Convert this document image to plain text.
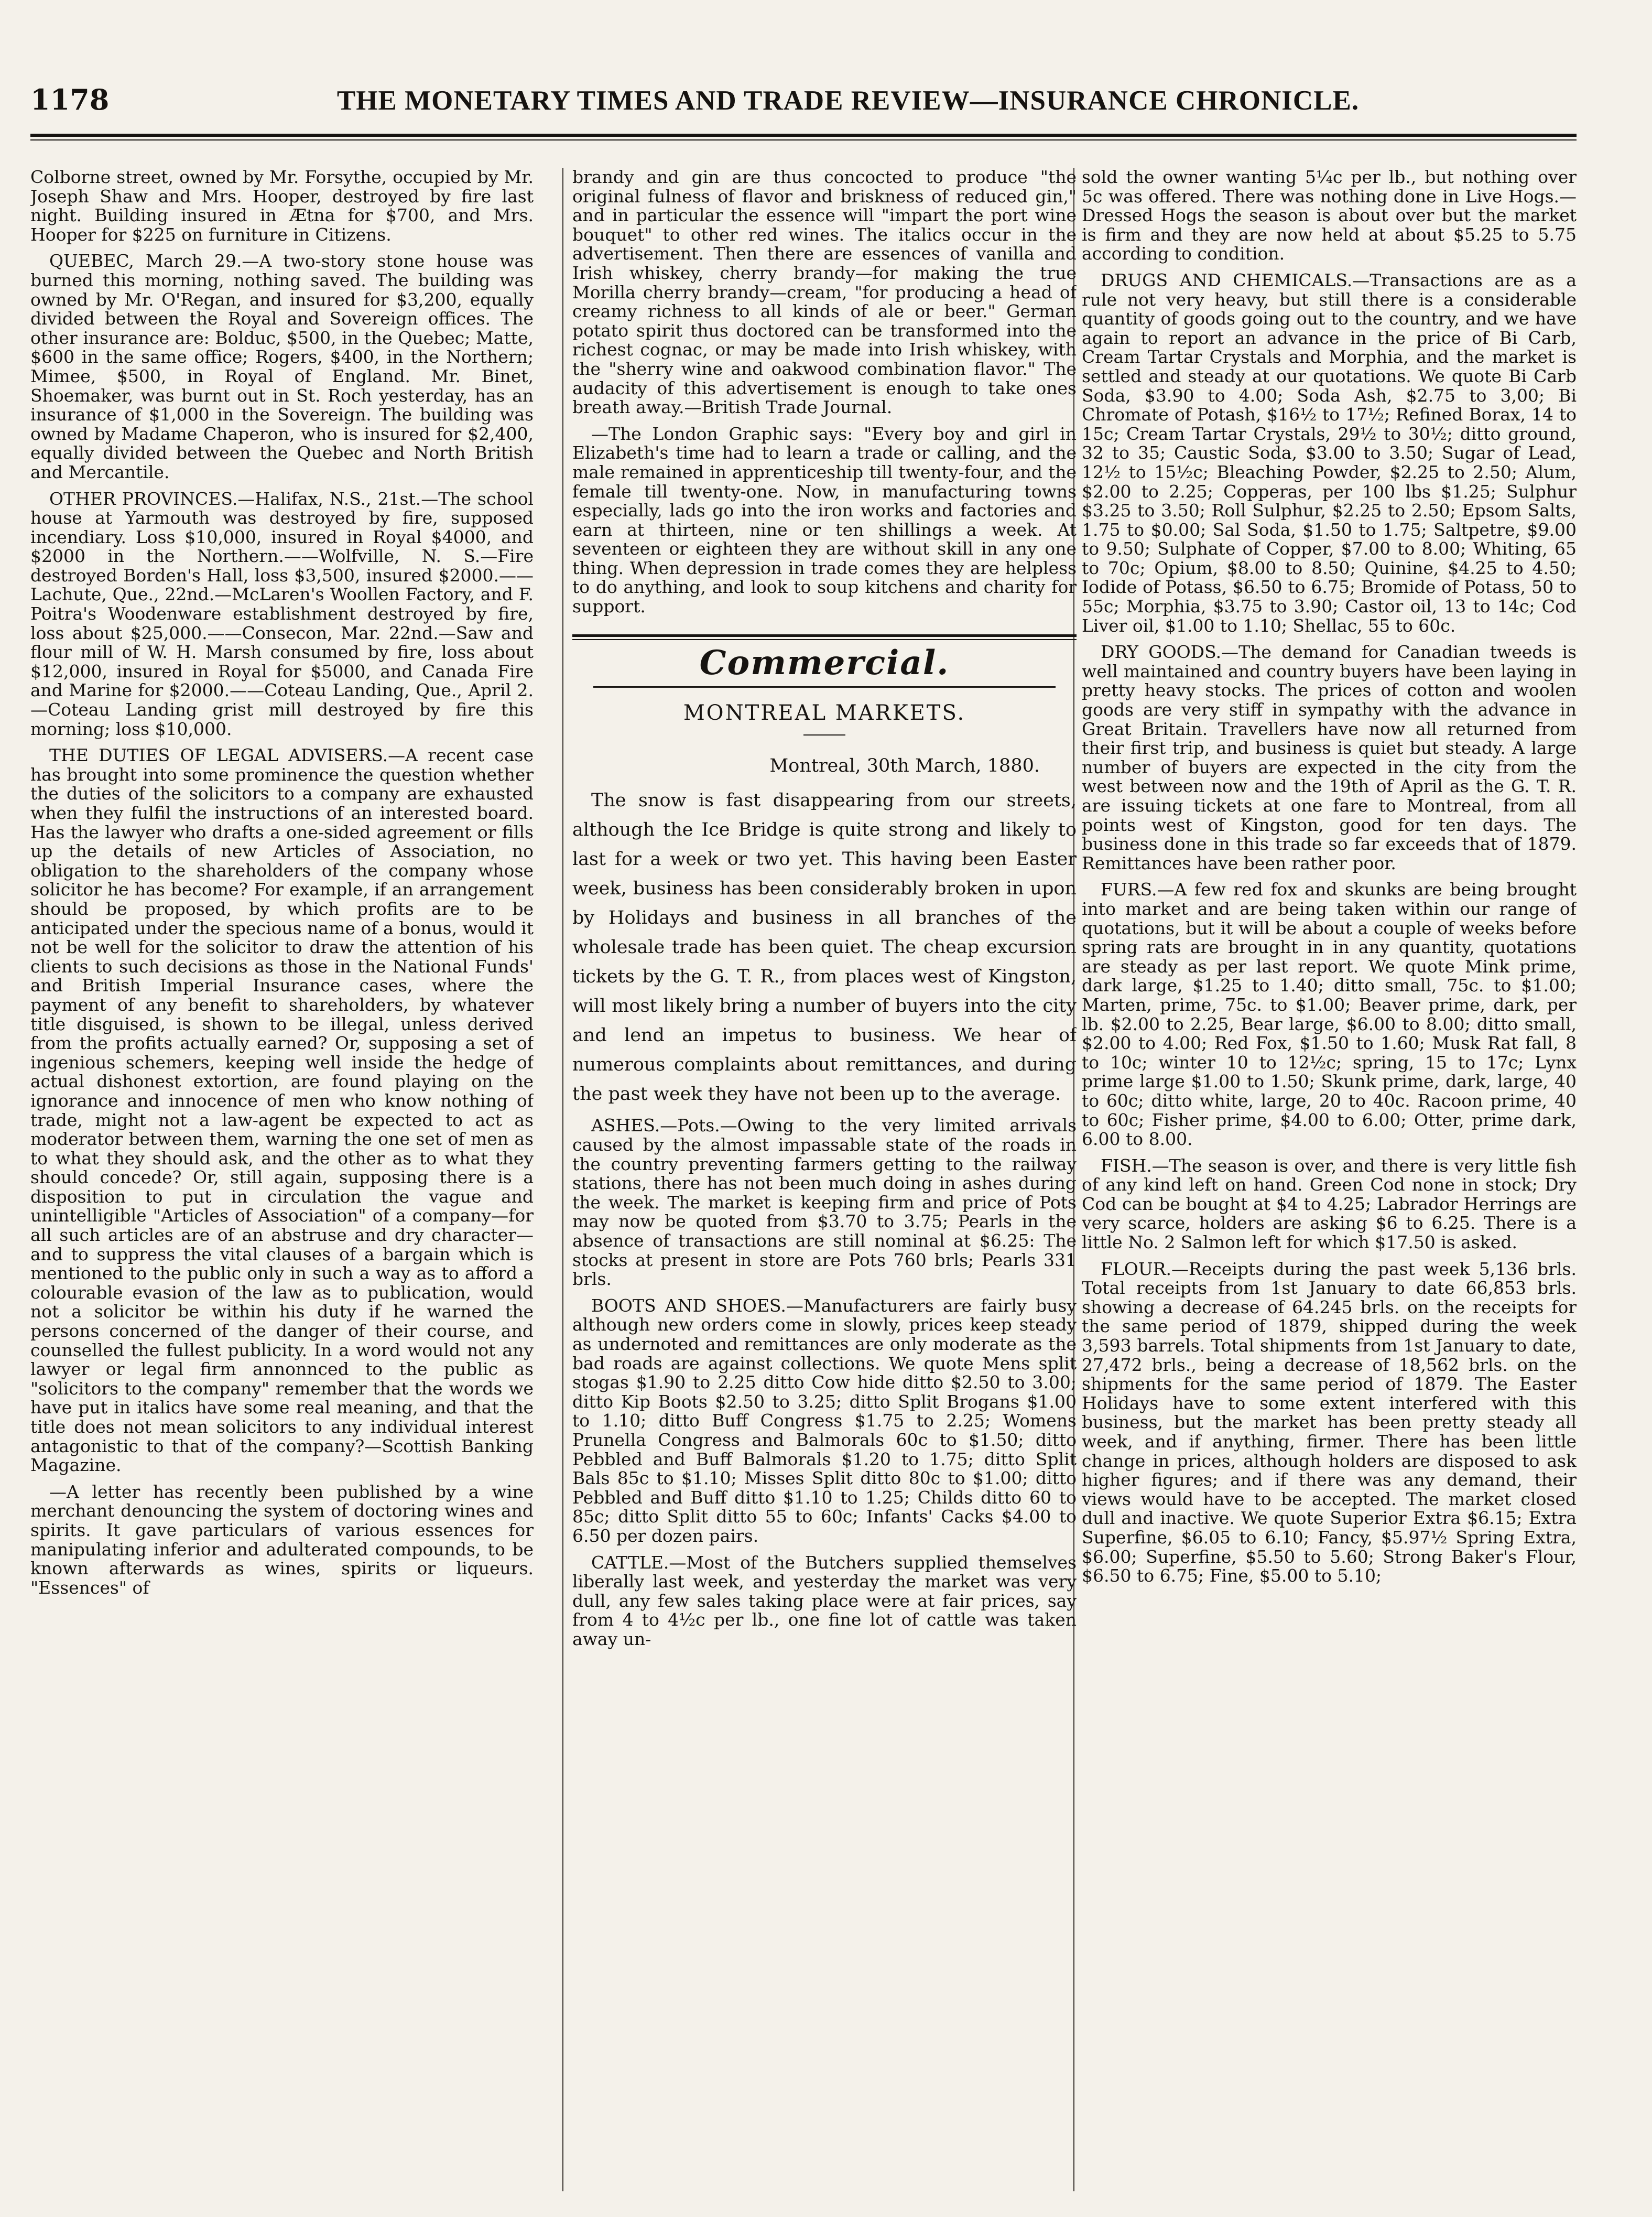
1178	THE MONETARY TIMES AND TRADE REVIEW—INSURANCE CHRONICLE.

Colborne street, owned by Mr. Forsythe, occupied by Mr. Joseph Shaw and Mrs. Hooper, destroyed by fire last night. Building insured in Ætna for $700, and Mrs. Hooper for $225 on furniture in Citizens.

QUEBEC, March 29.—A two-story stone house was burned this morning, nothing saved. The building was owned by Mr. O'Regan, and insured for $3,200, equally divided between the Royal and Sovereign offices. The other insurance are: Bolduc, $500, in the Quebec; Matte, $600 in the same office; Rogers, $400, in the Northern; Mimee, $500, in Royal of England. Mr. Binet, Shoemaker, was burnt out in St. Roch yesterday, has an insurance of $1,000 in the Sovereign. The building was owned by Madame Chaperon, who is insured for $2,400, equally divided between the Quebec and North British and Mercantile.

OTHER PROVINCES.—Halifax, N.S., 21st.—The school house at Yarmouth was destroyed by fire, supposed incendiary. Loss $10,000, insured in Royal $4000, and $2000 in the Northern.——Wolfville, N. S.—Fire destroyed Borden's Hall, loss $3,500, insured $2000.——Lachute, Que., 22nd.—McLaren's Woollen Factory, and F. Poitra's Woodenware establishment destroyed by fire, loss about $25,000.——Consecon, Mar. 22nd.—Saw and flour mill of W. H. Marsh consumed by fire, loss about $12,000, insured in Royal for $5000, and Canada Fire and Marine for $2000.——Coteau Landing, Que., April 2.—Coteau Landing grist mill destroyed by fire this morning; loss $10,000.

THE DUTIES OF LEGAL ADVISERS.—A recent case has brought into some prominence the question whether the duties of the solicitors to a company are exhausted when they fulfil the instructions of an interested board. Has the lawyer who drafts a one-sided agreement or fills up the details of new Articles of Association, no obligation to the shareholders of the company whose solicitor he has become? For example, if an arrangement should be proposed, by which profits are to be anticipated under the specious name of a bonus, would it not be well for the solicitor to draw the attention of his clients to such decisions as those in the National Funds' and British Imperial Insurance cases, where the payment of any benefit to shareholders, by whatever title disguised, is shown to be illegal, unless derived from the profits actually earned? Or, supposing a set of ingenious schemers, keeping well inside the hedge of actual dishonest extortion, are found playing on the ignorance and innocence of men who know nothing of trade, might not a law-agent be expected to act as moderator between them, warning the one set of men as to what they should ask, and the other as to what they should concede? Or, still again, supposing there is a disposition to put in circulation the vague and unintelligible "Articles of Association" of a company—for all such articles are of an abstruse and dry character—and to suppress the vital clauses of a bargain which is mentioned to the public only in such a way as to afford a colourable evasion of the law as to publication, would not a solicitor be within his duty if he warned the persons concerned of the danger of their course, and counselled the fullest publicity. In a word would not any lawyer or legal firm annonnced to the public as "solicitors to the company" remember that the words we have put in italics have some real meaning, and that the title does not mean solicitors to any individual interest antagonistic to that of the company?—Scottish Banking Magazine.

—A letter has recently been published by a wine merchant denouncing the system of doctoring wines and spirits. It gave particulars of various essences for manipulating inferior and adulterated compounds, to be known afterwards as wines, spirits or liqueurs. "Essences" of

brandy and gin are thus concocted to produce "the original fulness of flavor and briskness of reduced gin," and in particular the essence will "impart the port wine bouquet" to other red wines. The italics occur in the advertisement. Then there are essences of vanilla and Irish whiskey, cherry brandy—for making the true Morilla cherry brandy—cream, "for producing a head of creamy richness to all kinds of ale or beer." German potato spirit thus doctored can be transformed into the richest cognac, or may be made into Irish whiskey, with the "sherry wine and oakwood combination flavor." The audacity of this advertisement is enough to take ones breath away.—British Trade Journal.

—The London Graphic says: "Every boy and girl in Elizabeth's time had to learn a trade or calling, and the male remained in apprenticeship till twenty-four, and the female till twenty-one. Now, in manufacturing towns especially, lads go into the iron works and factories and earn at thirteen, nine or ten shillings a week. At seventeen or eighteen they are without skill in any one thing. When depression in trade comes they are helpless to do anything, and look to soup kitchens and charity for support.

Commercial.
MONTREAL MARKETS.
Montreal, 30th March, 1880.

The snow is fast disappearing from our streets, although the Ice Bridge is quite strong and likely to last for a week or two yet. This having been Easter week, business has been considerably broken in upon by Holidays and business in all branches of the wholesale trade has been quiet. The cheap excursion tickets by the G. T. R., from places west of Kingston, will most likely bring a number of buyers into the city and lend an impetus to business. We hear of numerous complaints about remittances, and during the past week they have not been up to the average.

ASHES.—Pots.—Owing to the very limited arrivals caused by the almost impassable state of the roads in the country preventing farmers getting to the railway stations, there has not been much doing in ashes during the week. The market is keeping firm and price of Pots may now be quoted from $3.70 to 3.75; Pearls in the absence of transactions are still nominal at $6.25: The stocks at present in store are Pots 760 brls; Pearls 331 brls.

BOOTS AND SHOES.—Manufacturers are fairly busy although new orders come in slowly, prices keep steady as undernoted and remittances are only moderate as the bad roads are against collections. We quote Mens split stogas $1.90 to 2.25 ditto Cow hide ditto $2.50 to 3.00; ditto Kip Boots $2.50 to 3.25; ditto Split Brogans $1.00 to 1.10; ditto Buff Congress $1.75 to 2.25; Womens Prunella Congress and Balmorals 60c to $1.50; ditto Pebbled and Buff Balmorals $1.20 to 1.75; ditto Split Bals 85c to $1.10; Misses Split ditto 80c to $1.00; ditto Pebbled and Buff ditto $1.10 to 1.25; Childs ditto 60 to 85c; ditto Split ditto 55 to 60c; Infants' Cacks $4.00 to 6.50 per dozen pairs.

CATTLE.—Most of the Butchers supplied themselves liberally last week, and yesterday the market was very dull, any few sales taking place were at fair prices, say from 4 to 4½c per lb., one fine lot of cattle was taken away un-

sold the owner wanting 5¼c per lb., but nothing over 5c was offered. There was nothing done in Live Hogs.—Dressed Hogs the season is about over but the market is firm and they are now held at about $5.25 to 5.75 according to condition.

DRUGS AND CHEMICALS.—Transactions are as a rule not very heavy, but still there is a considerable quantity of goods going out to the country, and we have again to report an advance in the price of Bi Carb, Cream Tartar Crystals and Morphia, and the market is settled and steady at our quotations. We quote Bi Carb Soda, $3.90 to 4.00; Soda Ash, $2.75 to 3,00; Bi Chromate of Potash, $16½ to 17½; Refined Borax, 14 to 15c; Cream Tartar Crystals, 29½ to 30½; ditto ground, 32 to 35; Caustic Soda, $3.00 to 3.50; Sugar of Lead, 12½ to 15½c; Bleaching Powder, $2.25 to 2.50; Alum, $2.00 to 2.25; Copperas, per 100 lbs $1.25; Sulphur $3.25 to 3.50; Roll Sulphur, $2.25 to 2.50; Epsom Salts, 1.75 to $0.00; Sal Soda, $1.50 to 1.75; Saltpetre, $9.00 to 9.50; Sulphate of Copper, $7.00 to 8.00; Whiting, 65 to 70c; Opium, $8.00 to 8.50; Quinine, $4.25 to 4.50; Iodide of Potass, $6.50 to 6.75; Bromide of Potass, 50 to 55c; Morphia, $3.75 to 3.90; Castor oil, 13 to 14c; Cod Liver oil, $1.00 to 1.10; Shellac, 55 to 60c.

DRY GOODS.—The demand for Canadian tweeds is well maintained and country buyers have been laying in pretty heavy stocks. The prices of cotton and woolen goods are very stiff in sympathy with the advance in Great Britain. Travellers have now all returned from their first trip, and business is quiet but steady. A large number of buyers are expected in the city from the west between now and the 19th of April as the G. T. R. are issuing tickets at one fare to Montreal, from all points west of Kingston, good for ten days. The business done in this trade so far exceeds that of 1879. Remittances have been rather poor.

FURS.—A few red fox and skunks are being brought into market and are being taken within our range of quotations, but it will be about a couple of weeks before spring rats are brought in in any quantity, quotations are steady as per last report. We quote Mink prime, dark large, $1.25 to 1.40; ditto small, 75c. to $1.00; Marten, prime, 75c. to $1.00; Beaver prime, dark, per lb. $2.00 to 2.25, Bear large, $6.00 to 8.00; ditto small, $2.00 to 4.00; Red Fox, $1.50 to 1.60; Musk Rat fall, 8 to 10c; winter 10 to 12½c; spring, 15 to 17c; Lynx prime large $1.00 to 1.50; Skunk prime, dark, large, 40 to 60c; ditto white, large, 20 to 40c. Racoon prime, 40 to 60c; Fisher prime, $4.00 to 6.00; Otter, prime dark, 6.00 to 8.00.

FISH.—The season is over, and there is very little fish of any kind left on hand. Green Cod none in stock; Dry Cod can be bought at $4 to 4.25; Labrador Herrings are very scarce, holders are asking $6 to 6.25. There is a little No. 2 Salmon left for which $17.50 is asked.

FLOUR.—Receipts during the past week 5,136 brls. Total receipts from 1st January to date 66,853 brls. showing a decrease of 64.245 brls. on the receipts for the same period of 1879, shipped during the week 3,593 barrels. Total shipments from 1st January to date, 27,472 brls., being a decrease of 18,562 brls. on the shipments for the same period of 1879. The Easter Holidays have to some extent interfered with this business, but the market has been pretty steady all week, and if anything, firmer. There has been little change in prices, although holders are disposed to ask higher figures; and if there was any demand, their views would have to be accepted. The market closed dull and inactive. We quote Superior Extra $6.15; Extra Superfine, $6.05 to 6.10; Fancy, $5.97½ Spring Extra, $6.00; Superfine, $5.50 to 5.60; Strong Baker's Flour, $6.50 to 6.75; Fine, $5.00 to 5.10;
